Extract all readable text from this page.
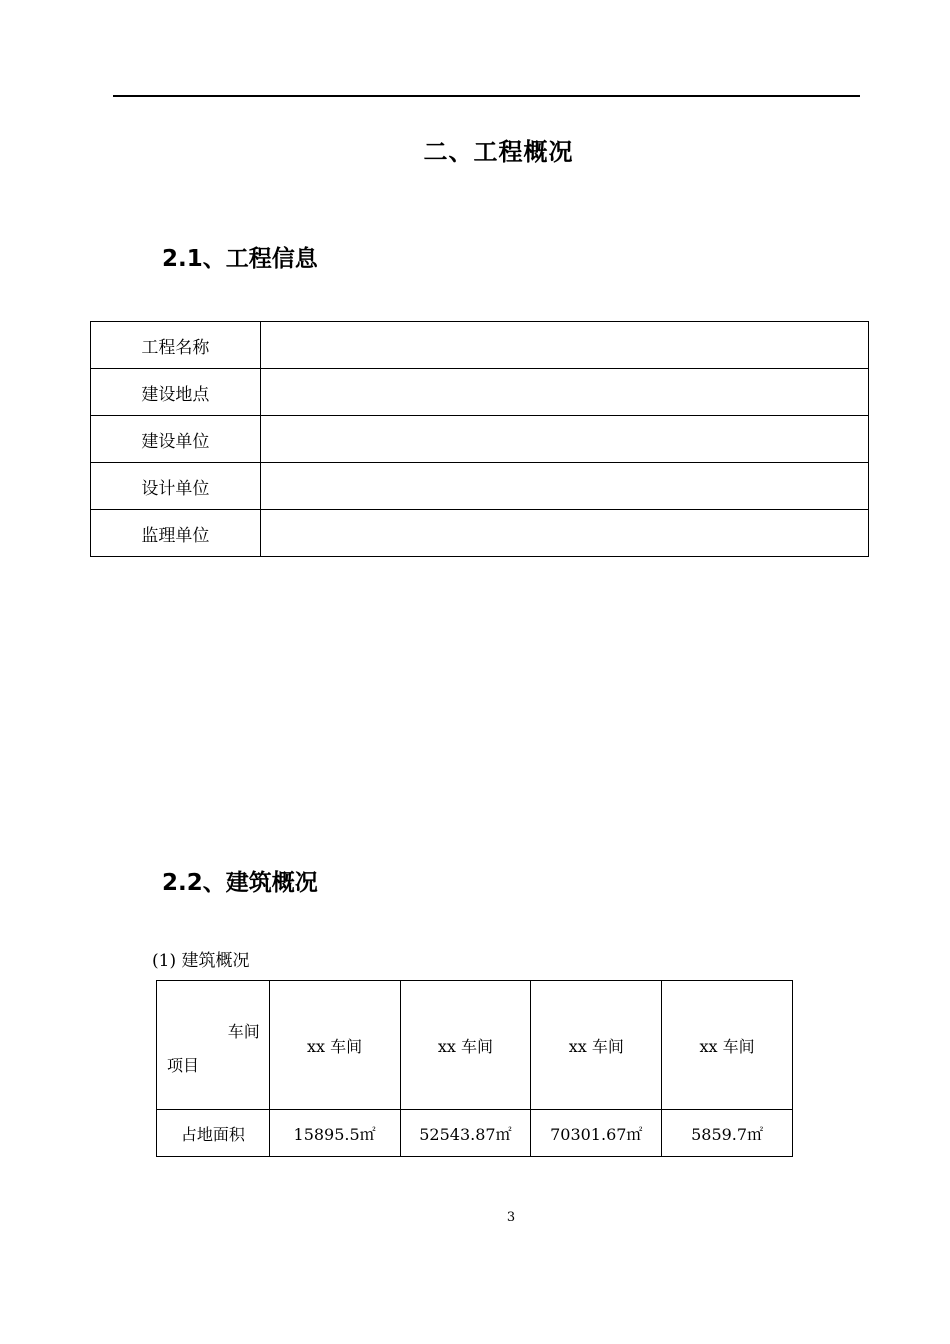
二、工程概况
2.1、工程信息
工程名称	
建设地点	
建设单位	
设计单位	
监理单位	
2.2、建筑概况
(1) 建筑概况
车间
项目	xx 车间	xx 车间	xx 车间	xx 车间
占地面积	15895.5㎡	52543.87㎡	70301.67㎡	5859.7㎡
3
